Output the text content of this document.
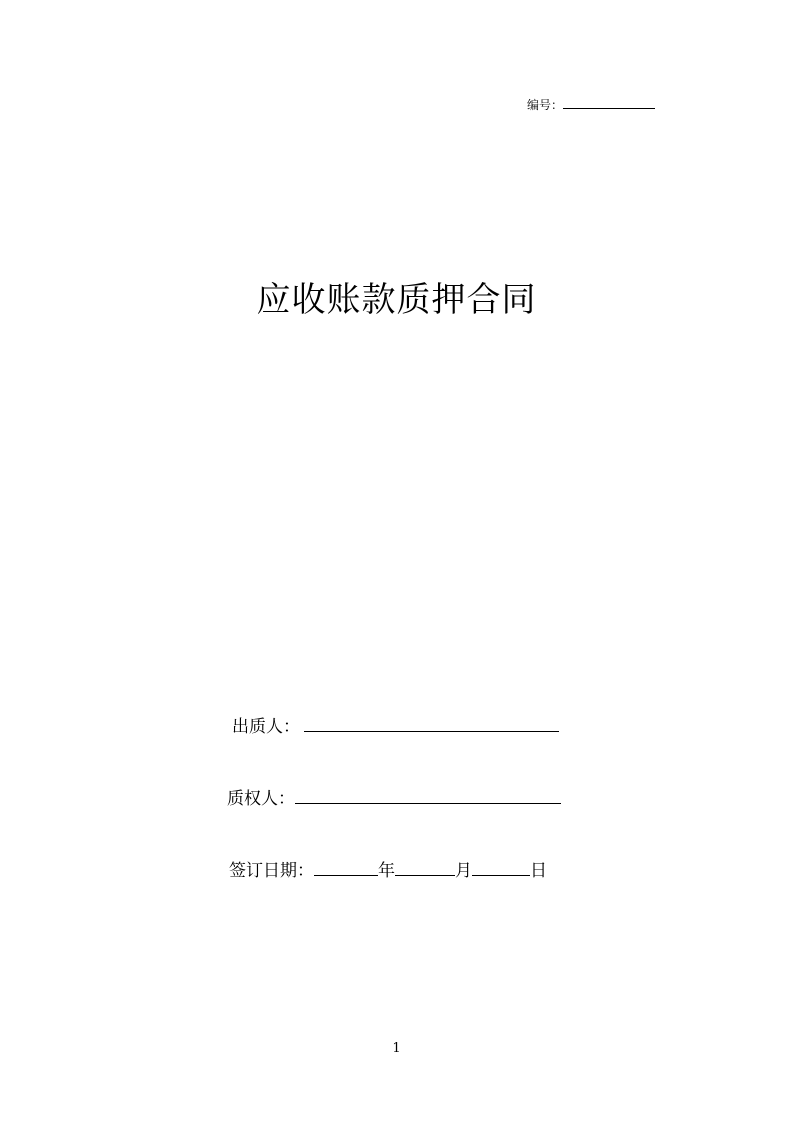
编号：
应收账款质押合同
出质人：
质权人：
签订日期：	年	月	日
1
